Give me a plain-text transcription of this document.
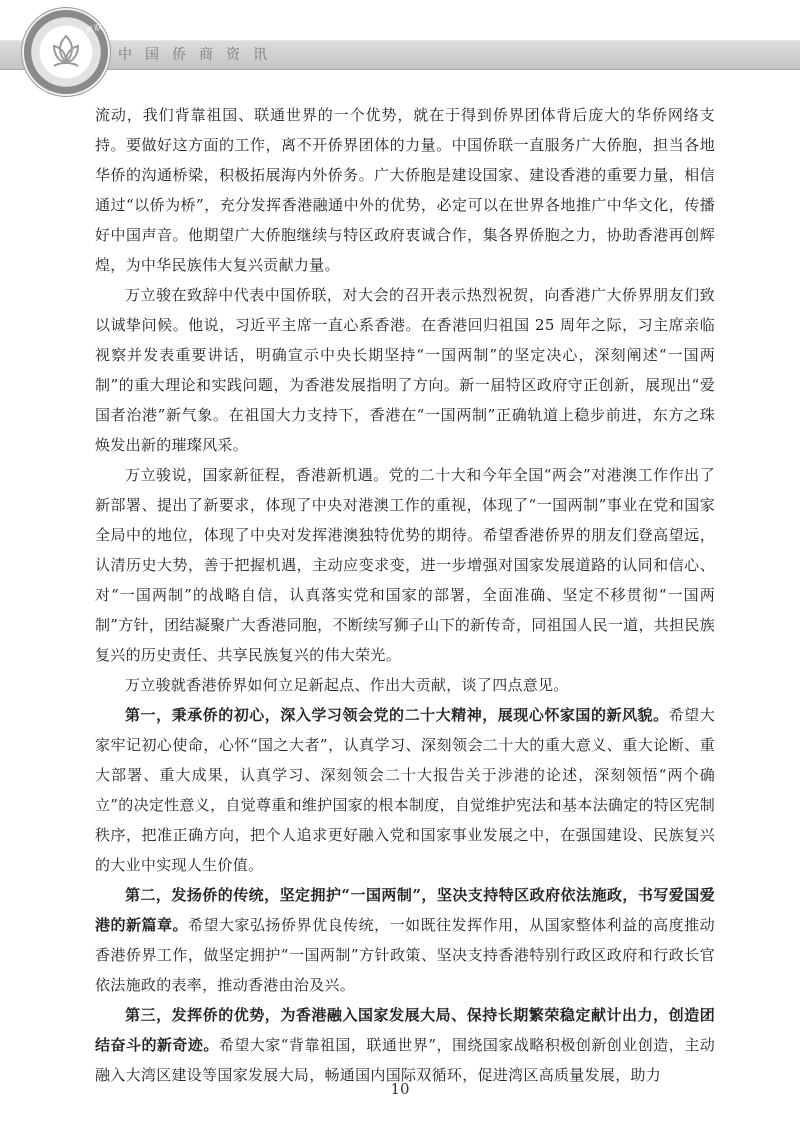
中国侨商资讯
中国侨商联合会

流动，我们背靠祖国、联通世界的一个优势，就在于得到侨界团体背后庞大的华侨网络支持。要做好这方面的工作，离不开侨界团体的力量。中国侨联一直服务广大侨胞，担当各地华侨的沟通桥梁，积极拓展海内外侨务。广大侨胞是建设国家、建设香港的重要力量，相信通过“以侨为桥”，充分发挥香港融通中外的优势，必定可以在世界各地推广中华文化，传播好中国声音。他期望广大侨胞继续与特区政府衷诚合作，集各界侨胞之力，协助香港再创辉煌，为中华民族伟大复兴贡献力量。

万立骏在致辞中代表中国侨联，对大会的召开表示热烈祝贺，向香港广大侨界朋友们致以诚挚问候。他说，习近平主席一直心系香港。在香港回归祖国 25 周年之际，习主席亲临视察并发表重要讲话，明确宣示中央长期坚持“一国两制”的坚定决心，深刻阐述“一国两制”的重大理论和实践问题，为香港发展指明了方向。新一届特区政府守正创新，展现出“爱国者治港”新气象。在祖国大力支持下，香港在“一国两制”正确轨道上稳步前进，东方之珠焕发出新的璀璨风采。

万立骏说，国家新征程，香港新机遇。党的二十大和今年全国“两会”对港澳工作作出了新部署、提出了新要求，体现了中央对港澳工作的重视，体现了“一国两制”事业在党和国家全局中的地位，体现了中央对发挥港澳独特优势的期待。希望香港侨界的朋友们登高望远，认清历史大势，善于把握机遇，主动应变求变，进一步增强对国家发展道路的认同和信心、对“一国两制”的战略自信，认真落实党和国家的部署，全面准确、坚定不移贯彻“一国两制”方针，团结凝聚广大香港同胞，不断续写狮子山下的新传奇，同祖国人民一道，共担民族复兴的历史责任、共享民族复兴的伟大荣光。

万立骏就香港侨界如何立足新起点、作出大贡献，谈了四点意见。

第一，秉承侨的初心，深入学习领会党的二十大精神，展现心怀家国的新风貌。希望大家牢记初心使命，心怀“国之大者”，认真学习、深刻领会二十大的重大意义、重大论断、重大部署、重大成果，认真学习、深刻领会二十大报告关于涉港的论述，深刻领悟“两个确立”的决定性意义，自觉尊重和维护国家的根本制度，自觉维护宪法和基本法确定的特区宪制秩序，把准正确方向，把个人追求更好融入党和国家事业发展之中，在强国建设、民族复兴的大业中实现人生价值。

第二，发扬侨的传统，坚定拥护“一国两制”，坚决支持特区政府依法施政，书写爱国爱港的新篇章。希望大家弘扬侨界优良传统，一如既往发挥作用，从国家整体利益的高度推动香港侨界工作，做坚定拥护“一国两制”方针政策、坚决支持香港特别行政区政府和行政长官依法施政的表率，推动香港由治及兴。

第三，发挥侨的优势，为香港融入国家发展大局、保持长期繁荣稳定献计出力，创造团结奋斗的新奇迹。希望大家“背靠祖国，联通世界”，围绕国家战略积极创新创业创造，主动融入大湾区建设等国家发展大局，畅通国内国际双循环，促进湾区高质量发展，助力

10
